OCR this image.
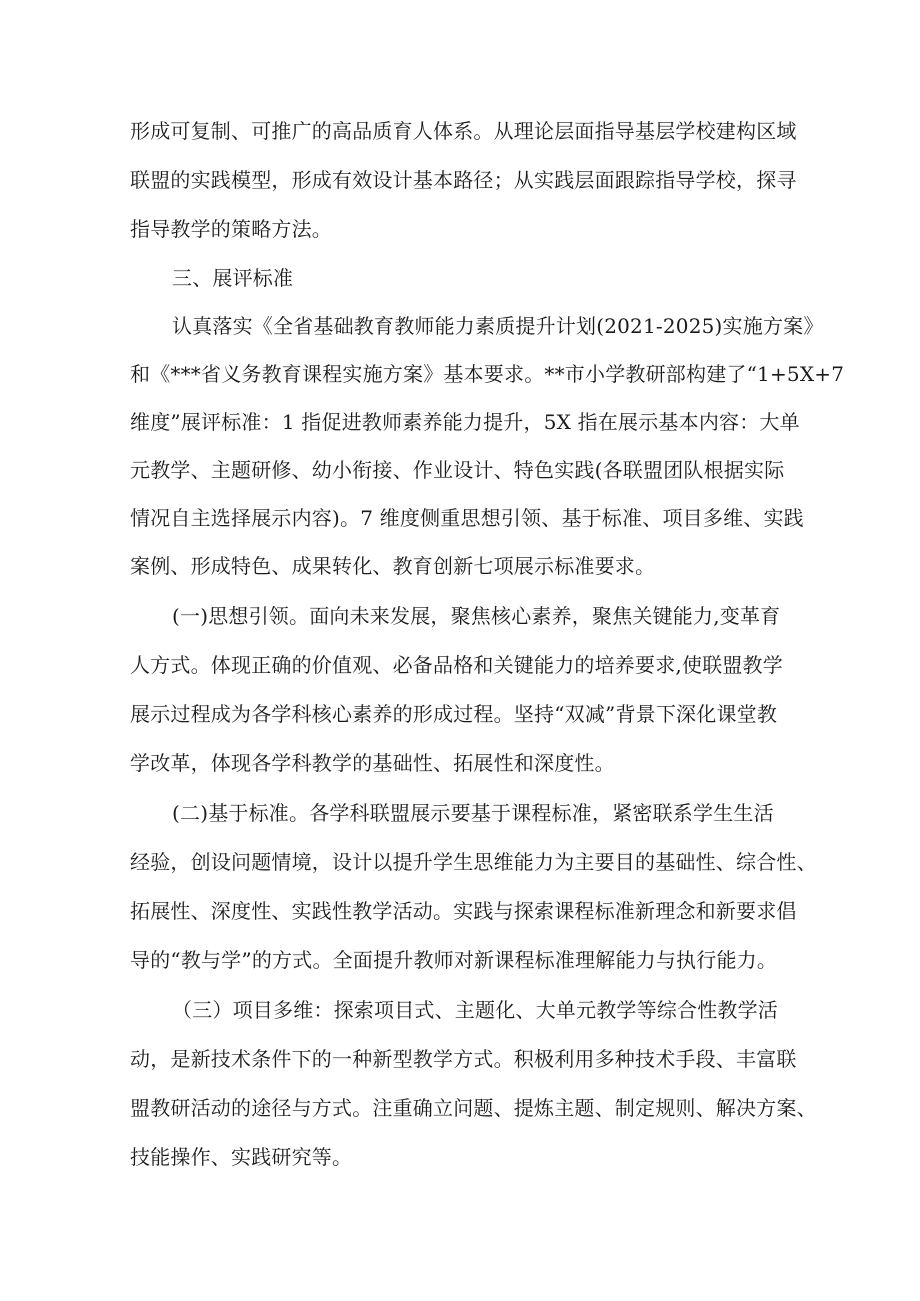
形成可复制、可推广的高品质育人体系。从理论层面指导基层学校建构区域
联盟的实践模型，形成有效设计基本路径；从实践层面跟踪指导学校，探寻
指导教学的策略方法。
三、展评标准
认真落实《全省基础教育教师能力素质提升计划(2021-2025)实施方案》
和《***省义务教育课程实施方案》基本要求。**市小学教研部构建了“1+5X+7
维度”展评标准：1 指促进教师素养能力提升，5X 指在展示基本内容：大单
元教学、主题研修、幼小衔接、作业设计、特色实践(各联盟团队根据实际
情况自主选择展示内容)。7 维度侧重思想引领、基于标准、项目多维、实践
案例、形成特色、成果转化、教育创新七项展示标准要求。
(一)思想引领。面向未来发展，聚焦核心素养，聚焦关键能力,变革育
人方式。体现正确的价值观、必备品格和关键能力的培养要求,使联盟教学
展示过程成为各学科核心素养的形成过程。坚持“双减”背景下深化课堂教
学改革，体现各学科教学的基础性、拓展性和深度性。
(二)基于标准。各学科联盟展示要基于课程标准，紧密联系学生生活
经验，创设问题情境，设计以提升学生思维能力为主要目的基础性、综合性、
拓展性、深度性、实践性教学活动。实践与探索课程标准新理念和新要求倡
导的“教与学”的方式。全面提升教师对新课程标准理解能力与执行能力。
（三）项目多维：探索项目式、主题化、大单元教学等综合性教学活
动，是新技术条件下的一种新型教学方式。积极利用多种技术手段、丰富联
盟教研活动的途径与方式。注重确立问题、提炼主题、制定规则、解决方案、
技能操作、实践研究等。
